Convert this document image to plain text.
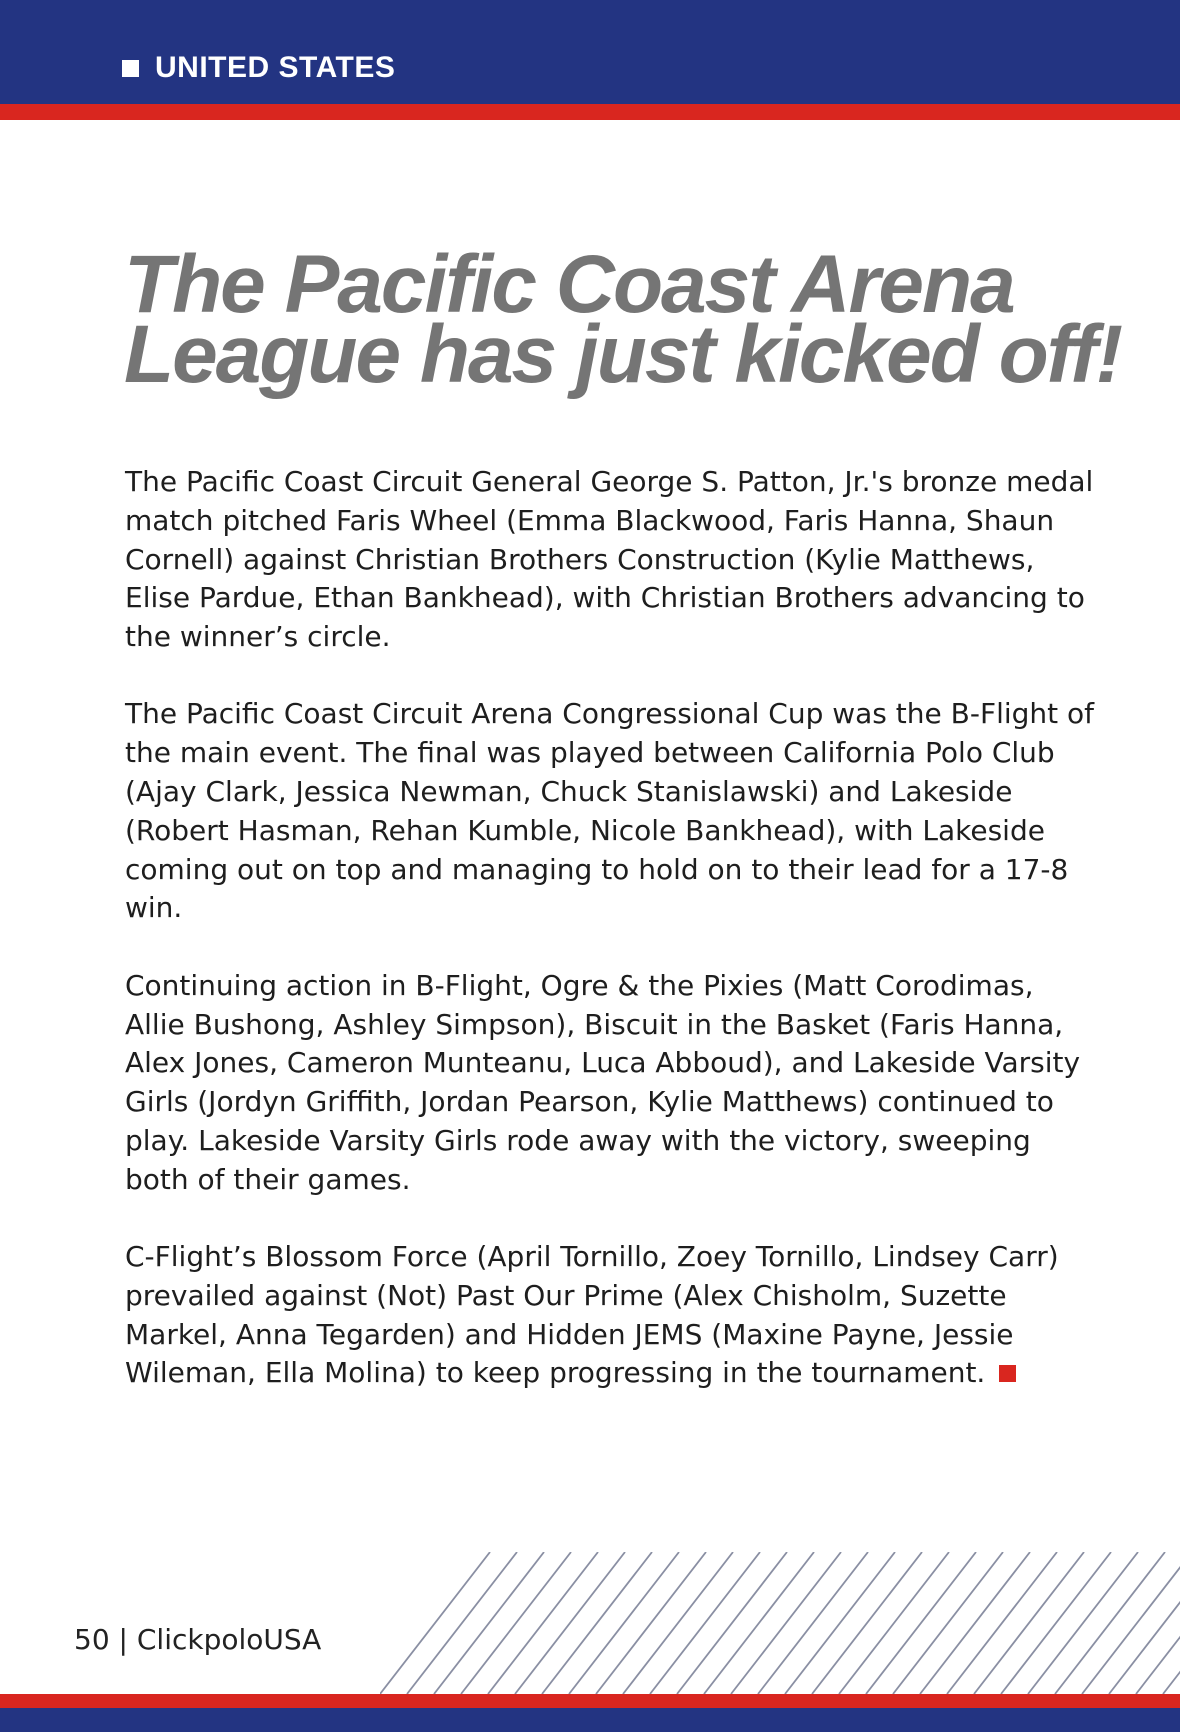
UNITED STATES
The Pacific Coast Arena League has just kicked off!

The Pacific Coast Circuit General George S. Patton, Jr.'s bronze medal match pitched Faris Wheel (Emma Blackwood, Faris Hanna, Shaun Cornell) against Christian Brothers Construction (Kylie Matthews, Elise Pardue, Ethan Bankhead), with Christian Brothers advancing to the winner’s circle.

The Pacific Coast Circuit Arena Congressional Cup was the B-Flight of the main event. The final was played between California Polo Club (Ajay Clark, Jessica Newman, Chuck Stanislawski) and Lakeside (Robert Hasman, Rehan Kumble, Nicole Bankhead), with Lakeside coming out on top and managing to hold on to their lead for a 17-8 win.

Continuing action in B-Flight, Ogre & the Pixies (Matt Corodimas, Allie Bushong, Ashley Simpson), Biscuit in the Basket (Faris Hanna, Alex Jones, Cameron Munteanu, Luca Abboud), and Lakeside Varsity Girls (Jordyn Griffith, Jordan Pearson, Kylie Matthews) continued to play. Lakeside Varsity Girls rode away with the victory, sweeping both of their games.

C-Flight’s Blossom Force (April Tornillo, Zoey Tornillo, Lindsey Carr) prevailed against (Not) Past Our Prime (Alex Chisholm, Suzette Markel, Anna Tegarden) and Hidden JEMS (Maxine Payne, Jessie Wileman, Ella Molina) to keep progressing in the tournament.

50 | ClickpoloUSA
